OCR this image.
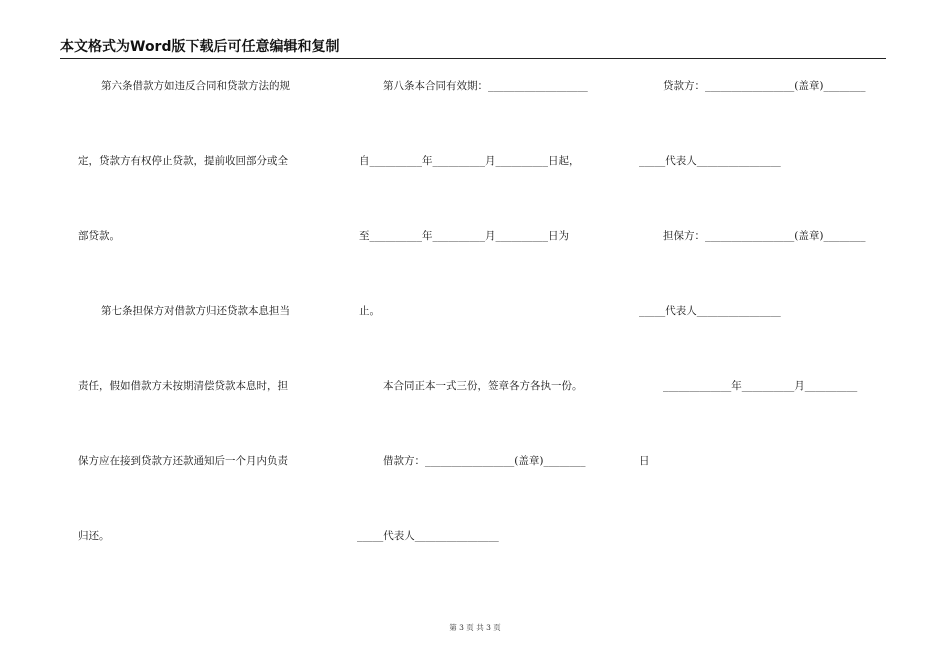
本文格式为Word版下载后可任意编辑和复制
第六条借款方如违反合同和贷款方法的规
定，贷款方有权停止贷款，提前收回部分或全
部贷款。
第七条担保方对借款方归还贷款本息担当
责任，假如借款方未按期清偿贷款本息时，担
保方应在接到贷款方还款通知后一个月内负责
归还。
第八条本合同有效期：___________________
自__________年__________月__________日起，
至__________年__________月__________日为
止。
本合同正本一式三份，签章各方各执一份。
借款方：_________________(盖章)________
_____代表人________________
贷款方：_________________(盖章)________
_____代表人________________
担保方：_________________(盖章)________
_____代表人________________
_____________年__________月__________
日
第 3 页 共 3 页
